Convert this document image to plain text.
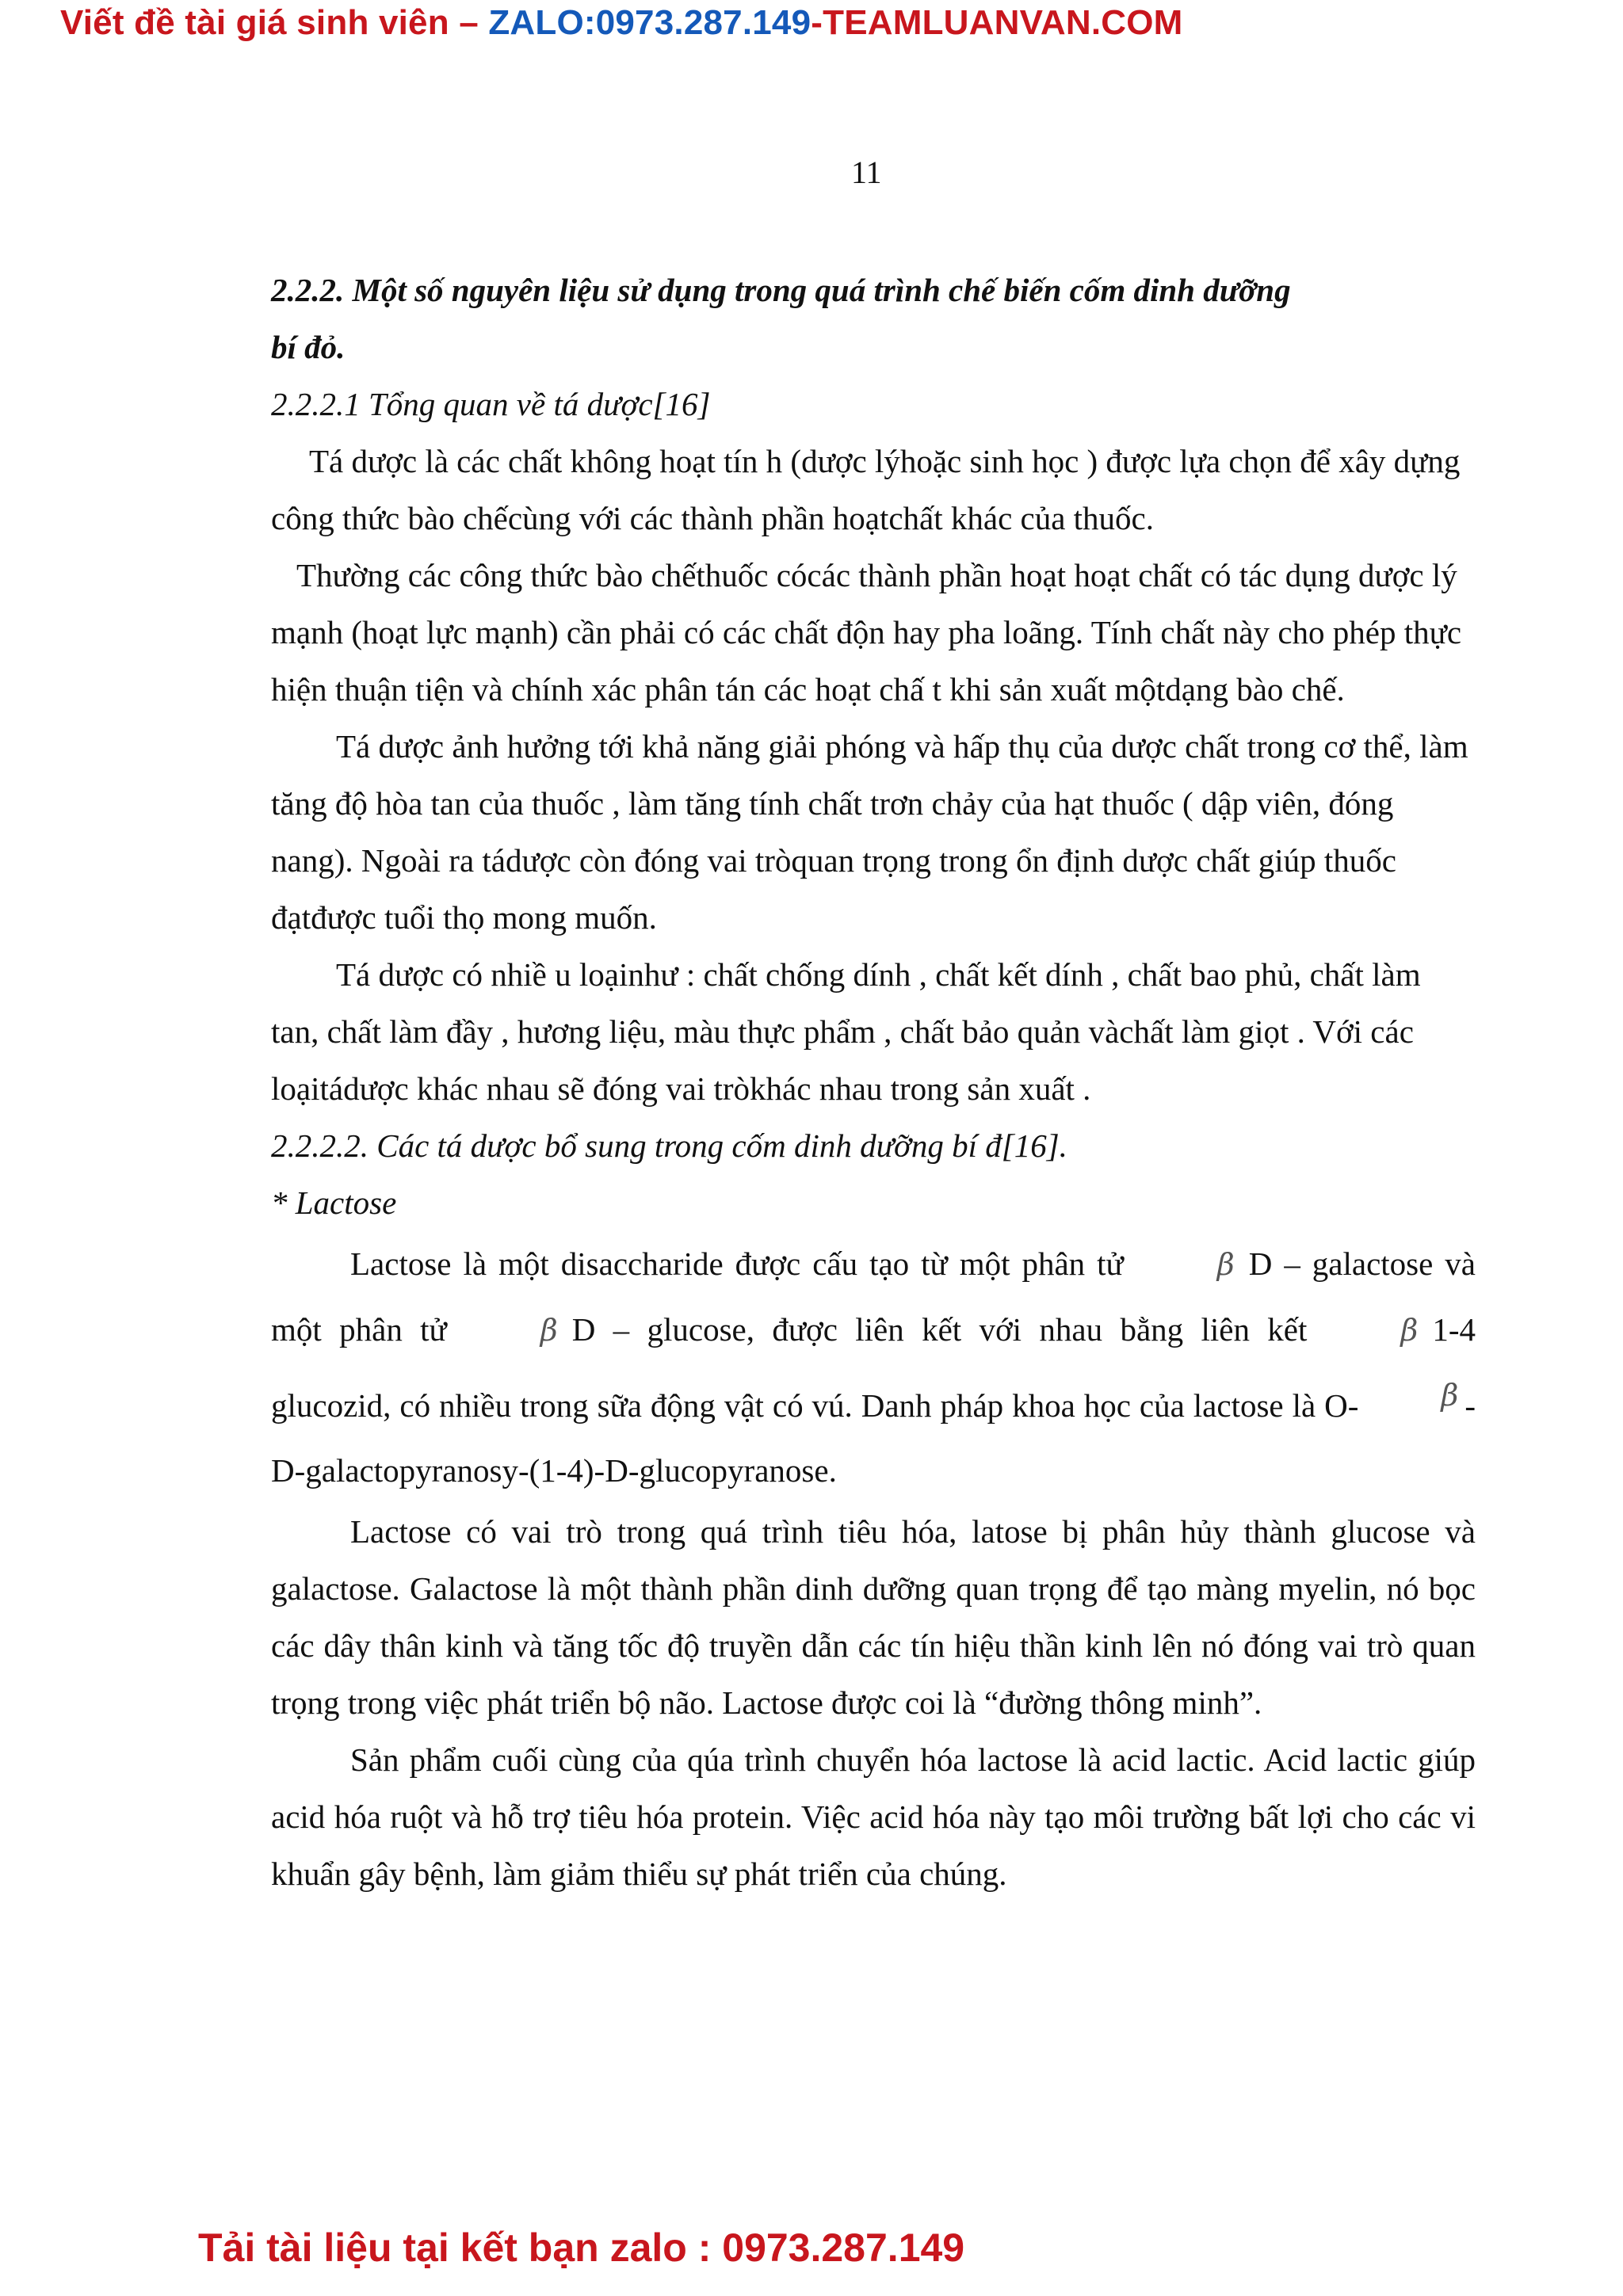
Viết đề tài giá sinh viên – ZALO:0973.287.149-TEAMLUANVAN.COM
11

2.2.2. Một số nguyên liệu sử dụng trong quá trình chế biến cốm dinh dưỡng

bí đỏ.

2.2.2.1 Tổng quan về tá dược[16]

Tá dược là các chất không hoạt tín h (dược lýhoặc sinh học ) được lựa chọn để xây dựng công thức bào chếcùng với các thành phần hoạtchất khác của thuốc.

Thường các công thức bào chếthuốc cócác thành phần hoạt hoạt chất có tác dụng dược lý mạnh (hoạt lực mạnh) cần phải có các chất độn hay pha loãng. Tính chất này cho phép thực hiện thuận tiện và chính xác phân tán các hoạt chấ t khi sản xuất mộtdạng bào chế.

Tá dược ảnh hưởng tới khả năng giải phóng và hấp thụ của dược chất trong cơ thể, làm tăng độ hòa tan của thuốc , làm tăng tính chất trơn chảy của hạt thuốc ( dập viên, đóng nang). Ngoài ra tádược còn đóng vai tròquan trọng trong ổn định dược chất giúp thuốc đạtđược tuổi thọ mong muốn.

Tá dược có nhiề u loạinhư : chất chống dính , chất kết dính , chất bao phủ, chất làm tan, chất làm đầy , hương liệu, màu thực phẩm , chất bảo quản vàchất làm giọt . Với các loạitádược khác nhau sẽ đóng vai tròkhác nhau trong sản xuất .

2.2.2.2. Các tá dược bổ sung trong cốm dinh dưỡng bí đ[16].

* Lactose

Lactose là một disaccharide được cấu tạo từ một phân tử	β D – galactose và một phân tử	β D – glucose, được liên kết với nhau bằng liên kết	β 1-4 glucozid, có nhiều trong sữa động vật có vú. Danh pháp khoa học của lactose là O-	β - D-galactopyranosy-(1-4)-D-glucopyranose.

Lactose có vai trò trong quá trình tiêu hóa, latose bị phân hủy thành glucose và galactose. Galactose là một thành phần dinh dưỡng quan trọng để tạo màng myelin, nó bọc các dây thân kinh và tăng tốc độ truyền dẫn các tín hiệu thần kinh lên nó đóng vai trò quan trọng trong việc phát triển bộ não. Lactose được coi là “đường thông minh”.

Sản phẩm cuối cùng của qúa trình chuyển hóa lactose là acid lactic. Acid lactic giúp acid hóa ruột và hỗ trợ tiêu hóa protein. Việc acid hóa này tạo môi trường bất lợi cho các vi khuẩn gây bệnh, làm giảm thiểu sự phát triển của chúng.

Tải tài liệu tại kết bạn zalo : 0973.287.149
